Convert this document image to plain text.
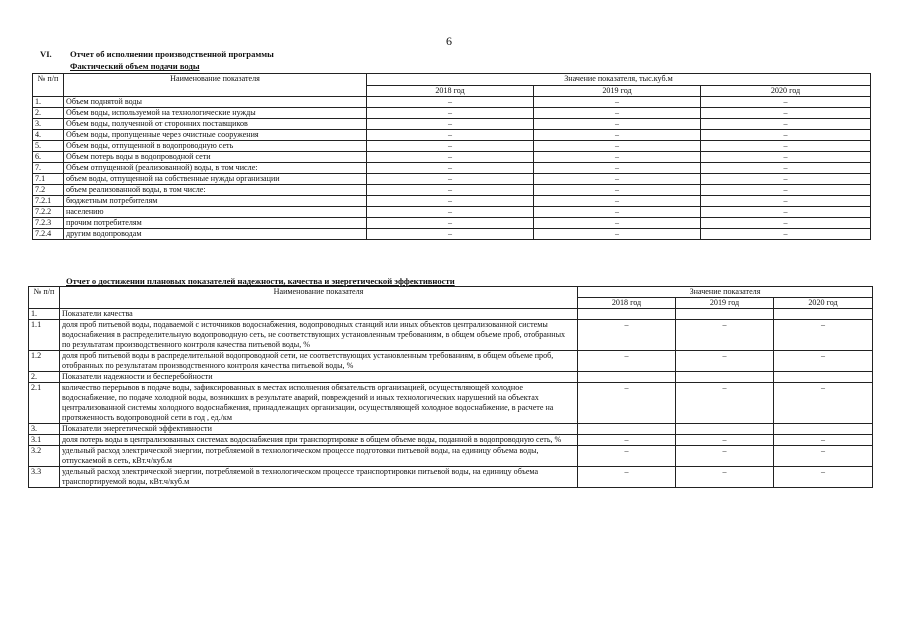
6
VI. Отчет об исполнении производственной программы
Фактический объем подачи воды
№ п/п	Наименование показателя	Значение показателя, тыс.куб.м		
		2018 год	2019 год	2020 год
1.	Объем поднятой воды	–	–	–
2.	Объем воды, используемой на технологические нужды	–	–	–
3.	Объем воды, полученной от сторонних поставщиков	–	–	–
4.	Объем воды, пропущенные через очистные сооружения	–	–	–
5.	Объем воды, отпущенной в водопроводную сеть	–	–	–
6.	Объем потерь воды в водопроводной сети	–	–	–
7.	Объем отпущенной (реализованной) воды, в том числе:	–	–	–
7.1	объем воды, отпущенной на собственные нужды организации	–	–	–
7.2	объем реализованной воды, в том числе:	–	–	–
7.2.1	бюджетным потребителям	–	–	–
7.2.2	населению	–	–	–
7.2.3	прочим потребителям	–	–	–
7.2.4	другим водопроводам	–	–	–
Отчет о достижении плановых показателей надежности, качества и энергетической эффективности
№ п/п	Наименование показателя	Значение показателя		
		2018 год	2019 год	2020 год
1.	Показатели качества			
1.1	доля проб питьевой воды, подаваемой с источников водоснабжения, водопроводных станций или иных объектов централизованной системы водоснабжения в распределительную водопроводную сеть, не соответствующих установленным требованиям, в общем объеме проб, отобранных по результатам производственного контроля качества питьевой воды, %	–	–	–
1.2	доля проб питьевой воды в распределительной водопроводной сети, не соответствующих установленным требованиям, в общем объеме проб, отобранных по результатам производственного контроля качества питьевой воды, %	–	–	–
2.	Показатели надежности и бесперебойности			
2.1	количество перерывов в подаче воды, зафиксированных в местах исполнения обязательств организацией, осуществляющей холодное водоснабжение, по подаче холодной воды, возникших в результате аварий, повреждений и иных технологических нарушений на объектах централизованной системы холодного водоснабжения, принадлежащих организации, осуществляющей холодное водоснабжение, в расчете на протяженность водопроводной сети в год , ед./км	–	–	–
3.	Показатели энергетической эффективности			
3.1	доля потерь воды в централизованных системах водоснабжения при транспортировке в общем объеме воды, поданной в водопроводную сеть, %	–	–	–
3.2	удельный расход электрической энергии, потребляемой в технологическом процессе подготовки питьевой воды, на единицу объема воды, отпускаемой в сеть, кВт.ч/куб.м	–	–	–
3.3	удельный расход электрической энергии, потребляемой в технологическом процессе транспортировки питьевой воды, на единицу объема транспортируемой воды, кВт.ч/куб.м	–	–	–
